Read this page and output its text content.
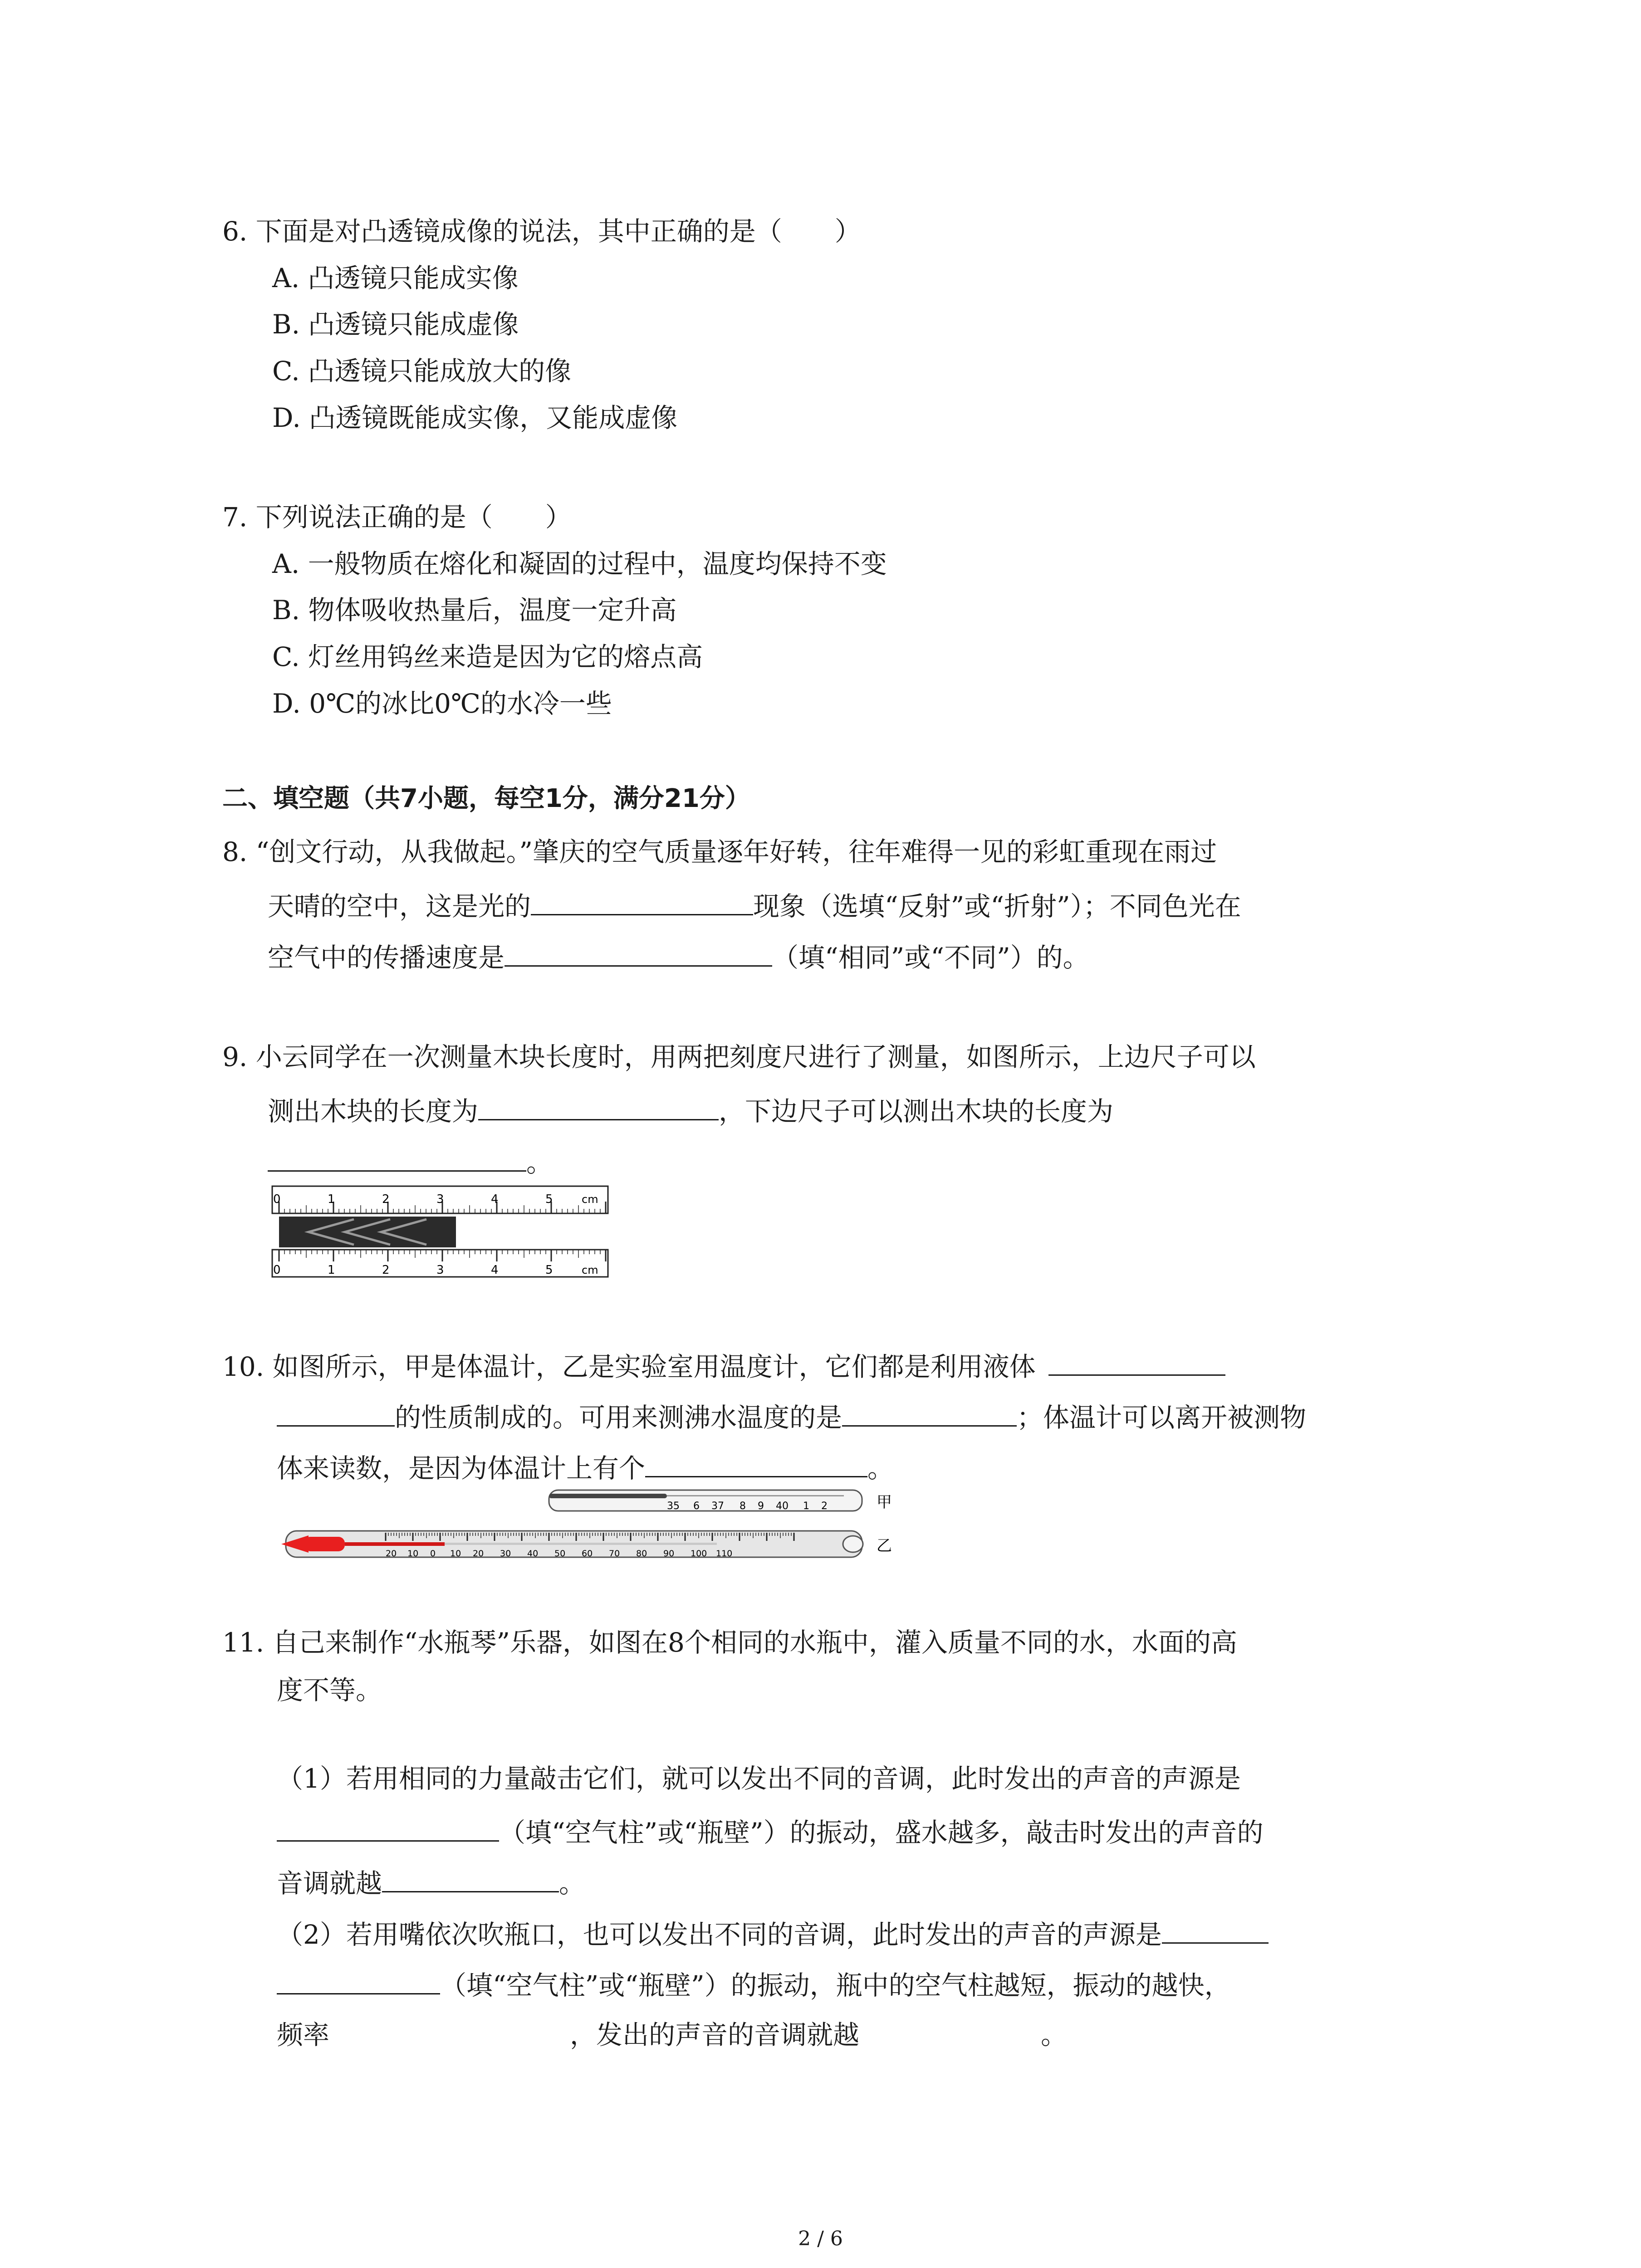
6. 下面是对凸透镜成像的说法，其中正确的是（　　）
A. 凸透镜只能成实像
B. 凸透镜只能成虚像
C. 凸透镜只能成放大的像
D. 凸透镜既能成实像，又能成虚像
7. 下列说法正确的是（　　）
A. 一般物质在熔化和凝固的过程中，温度均保持不变
B. 物体吸收热量后，温度一定升高
C. 灯丝用钨丝来造是因为它的熔点高
D. 0℃的冰比0℃的水冷一些
二、填空题（共7小题，每空1分，满分21分）
8. “创文行动，从我做起。”肇庆的空气质量逐年好转，往年难得一见的彩虹重现在雨过
天晴的空中，这是光的	现象（选填“反射”或“折射”）；不同色光在
空气中的传播速度是	（填“相同”或“不同”）的。
9. 小云同学在一次测量木块长度时，用两把刻度尺进行了测量，如图所示，上边尺子可以
测出木块的长度为	，下边尺子可以测出木块的长度为
。
0	1	2	3	4	5	cm
0	1	2	3	4	5	cm
10. 如图所示，甲是体温计，乙是实验室用温度计，它们都是利用液体
的性质制成的。可用来测沸水温度的是	；体温计可以离开被测物
体来读数，是因为体温计上有个	。
35 6 37 8 9 40 1 2	甲
20 10 0 10 20 30 40 50 60 70 80 90 100 110	乙
11. 自己来制作“水瓶琴”乐器，如图在8个相同的水瓶中，灌入质量不同的水，水面的高
度不等。
（1）若用相同的力量敲击它们，就可以发出不同的音调，此时发出的声音的声源是
（填“空气柱”或“瓶壁”）的振动，盛水越多，敲击时发出的声音的
音调就越	。
（2）若用嘴依次吹瓶口，也可以发出不同的音调，此时发出的声音的声源是
（填“空气柱”或“瓶壁”）的振动，瓶中的空气柱越短，振动的越快，
频率	，发出的声音的音调就越	。
2 / 6
